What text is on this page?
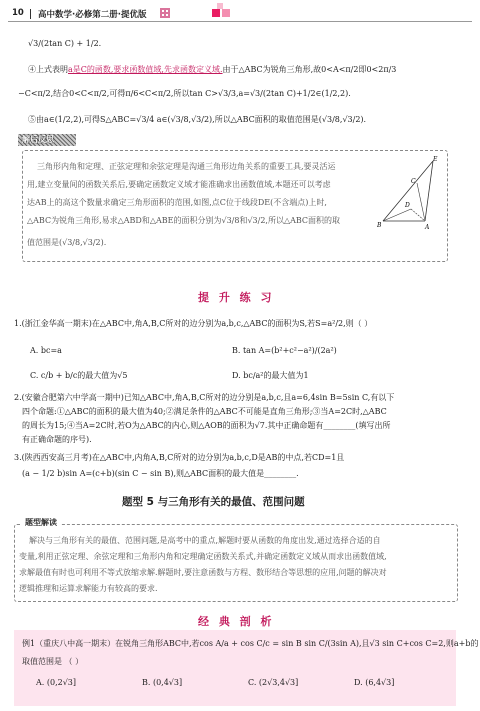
10 高中数学·必修第二册·提优版
√3/(2tan C) + 1/2.
④上式表明a是C的函数,要求函数值域,先求函数定义域.由于△ABC为锐角三角形,故0<A<π/2即0<2π/3
−C<π/2,结合0<C<π/2,可得π/6<C<π/2,所以tan C>√3/3,a=√3/(2tan C)+1/2∈(1/2,2).
⑤由a∈(1/2,2),可得S△ABC=√3/4 a∈(√3/8,√3/2),所以△ABC面积的取值范围是(√3/8,√3/2).
解后反思
三角形内角和定理、正弦定理和余弦定理是沟通三角形边角关系的重要工具,要灵活运
用,建立变量间的函数关系后,要确定函数定义域才能准确求出函数值域,本题还可以考虑
达AB上的高这个数量求确定三角形面积的范围,如图,点C位于线段DE(不含端点)上时,
△ABC为锐角三角形,易求△ABD和△ABE的面积分别为√3/8和√3/2,所以△ABC面积的取
值范围是(√3/8,√3/2).
E
C
D
B	A
提 升 练 习
1.(浙江金华高一期末)在△ABC中,角A,B,C所对的边分别为a,b,c,△ABC的面积为S,若S=a²/2,则（ ）
A. bc=a	B. tan A=(b²+c²−a²)/(2a²)
C. c/b + b/c的最大值为√5	D. bc/a²的最大值为1
2.(安徽合肥第六中学高一期中)已知△ABC中,角A,B,C所对的边分别是a,b,c,且a=6,4sin B=5sin C,有以下
四个命题:①△ABC的面积的最大值为40;②满足条件的△ABC不可能是直角三角形;③当A=2C时,△ABC
的周长为15;④当A=2C时,若O为△ABC的内心,则△AOB的面积为√7.其中正确命题有________(填写出所
有正确命题的序号).
3.(陕西西安高三月考)在△ABC中,内角A,B,C所对的边分别为a,b,c,D是AB的中点,若CD=1且
(a − 1/2 b)sin A=(c+b)(sin C − sin B),则△ABC面积的最大值是________.
题型 5 与三角形有关的最值、范围问题
解决与三角形有关的最值、范围问题,是高考中的重点,解题时要从函数的角度出发,通过选择合适的自
变量,利用正弦定理、余弦定理和三角形内角和定理确定函数关系式,并确定函数定义域从而求出函数值域,
求解最值有时也可利用不等式放缩求解.解题时,要注意函数与方程、数形结合等思想的应用,问题的解决对
逻辑推理和运算求解能力有较高的要求.
题型解读
经 典 剖 析
例1（重庆八中高一期末）在锐角三角形ABC中,若cos A/a + cos C/c = sin B sin C/(3sin A),且√3 sin C+cos C=2,则a+b的
取值范围是 （ ）
A. (0,2√3]	B. (0,4√3]	C. (2√3,4√3]	D. (6,4√3]
